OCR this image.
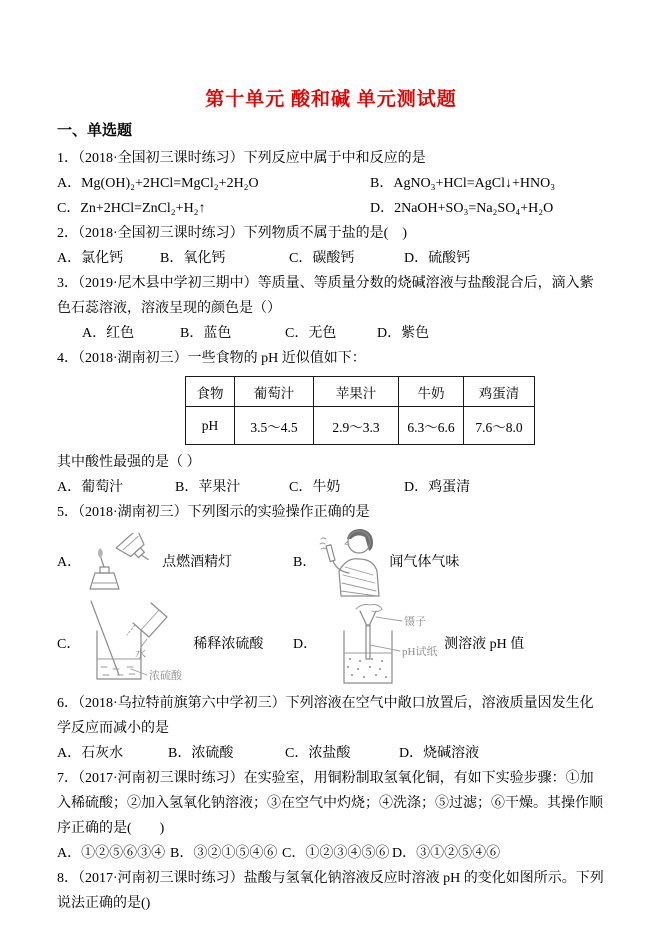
第十单元 酸和碱 单元测试题
一、单选题

1．（2018·全国初三课时练习）下列反应中属于中和反应的是

A．Mg(OH)₂+2HCl=MgCl₂+2H₂O	B．AgNO₃+HCl=AgCl↓+HNO₃
C．Zn+2HCl=ZnCl₂+H₂↑	D．2NaOH+SO₃=Na₂SO₄+H₂O

2．（2018·全国初三课时练习）下列物质不属于盐的是(　)

A．氯化钙	B．氧化钙	C．碳酸钙	D．硫酸钙

3．（2019·尼木县中学初三期中）等质量、等质量分数的烧碱溶液与盐酸混合后，滴入紫色石蕊溶液，溶液呈现的颜色是（）

A．红色	B．蓝色	C．无色	D．紫色

4．（2018·湖南初三）一些食物的 pH 近似值如下：

食物	葡萄汁	苹果汁	牛奶	鸡蛋清
pH	3.5～4.5	2.9～3.3	6.3～6.6	7.6～8.0

其中酸性最强的是（ ）

A．葡萄汁	B．苹果汁	C．牛奶	D．鸡蛋清

5．（2018·湖南初三）下列图示的实验操作正确的是

A．	点燃酒精灯	B．	闻气体气味
C．
水
浓硫酸
稀释浓硫酸 D．
镊子
pH试纸
测溶液 pH 值

6．（2018·乌拉特前旗第六中学初三）下列溶液在空气中敞口放置后，溶液质量因发生化学反应而减小的是

A．石灰水	B．浓硫酸	C．浓盐酸	D．烧碱溶液

7．（2017·河南初三课时练习）在实验室，用铜粉制取氢氧化铜，有如下实验步骤：①加入稀硫酸；②加入氢氧化钠溶液；③在空气中灼烧；④洗涤；⑤过滤；⑥干燥。其操作顺序正确的是(　　)

A．①②⑤⑥③④ B．③②①⑤④⑥ C．①②③④⑤⑥ D．③①②⑤④⑥

8．（2017·河南初三课时练习）盐酸与氢氧化钠溶液反应时溶液 pH 的变化如图所示。下列说法正确的是()
